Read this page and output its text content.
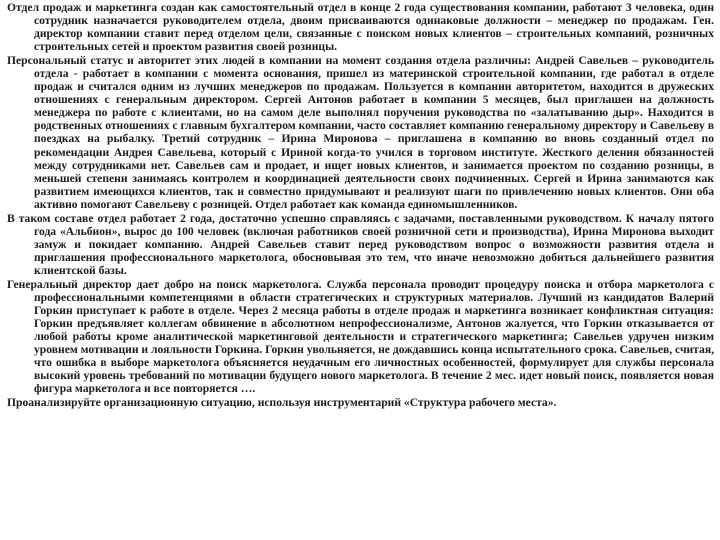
Отдел продаж и маркетинга создан как самостоятельный отдел в конце 2 года существования компании, работают 3 человека, один сотрудник назначается руководителем отдела, двоим присваиваются одинаковые должности – менеджер по продажам. Ген. директор компании ставит перед отделом цели, связанные с поиском новых клиентов – строительных компаний, розничных строительных сетей и проектом развития своей розницы.

Персональный статус и авторитет этих людей в компании на момент создания отдела различны: Андрей Савельев – руководитель отдела - работает в компании с момента основания, пришел из материнской строительной компании, где работал в отделе продаж и считался одним из лучших менеджеров по продажам. Пользуется в компании авторитетом, находится в дружеских отношениях с генеральным директором. Сергей Антонов работает в компании 5 месяцев, был приглашен на должность менеджера по работе с клиентами, но на самом деле выполнял поручения руководства по «залатыванию дыр». Находится в родственных отношениях с главным бухгалтером компании, часто составляет компанию генеральному директору и Савельеву в поездках на рыбалку. Третий сотрудник – Ирина Миронова – приглашена в компанию во вновь созданный отдел по рекомендации Андрея Савельева, который с Ириной когда-то учился в торговом институте. Жесткого деления обязанностей между сотрудниками нет. Савельев сам и продает, и ищет новых клиентов, и занимается проектом по созданию розницы, в меньшей степени занимаясь контролем и координацией деятельности своих подчиненных. Сергей и Ирина занимаются как развитием имеющихся клиентов, так и совместно придумывают и реализуют шаги по привлечению новых клиентов. Они оба активно помогают Савельеву с розницей. Отдел работает как команда единомышленников.

В таком составе отдел работает 2 года, достаточно успешно справляясь с задачами, поставленными руководством. К началу пятого года «Альбион», вырос до 100 человек (включая работников своей розничной сети и производства), Ирина Миронова выходит замуж и покидает компанию. Андрей Савельев ставит перед руководством вопрос о возможности развития отдела и приглашения профессионального маркетолога, обосновывая это тем, что иначе невозможно добиться дальнейшего развития клиентской базы.

Генеральный директор дает добро на поиск маркетолога. Служба персонала проводит процедуру поиска и отбора маркетолога с профессиональными компетенциями в области стратегических и структурных материалов. Лучший из кандидатов Валерий Горкин приступает к работе в отделе. Через 2 месяца работы в отделе продаж и маркетинга возникает конфликтная ситуация: Горкин предъявляет коллегам обвинение в абсолютном непрофессионализме, Антонов жалуется, что Горкин отказывается от любой работы кроме аналитической маркетинговой деятельности и стратегического маркетинга; Савельев удручен низким уровнем мотивации и лояльности Горкина. Горкин увольняется, не дождавшись конца испытательного срока. Савельев, считая, что ошибка в выборе маркетолога объясняется неудачным его личностных особенностей, формулирует для службы персонала высокий уровень требований по мотивации будущего нового маркетолога. В течение 2 мес. идет новый поиск, появляется новая фигура маркетолога и все повторяется ….

Проанализируйте организационную ситуацию, используя инструментарий «Структура рабочего места».
